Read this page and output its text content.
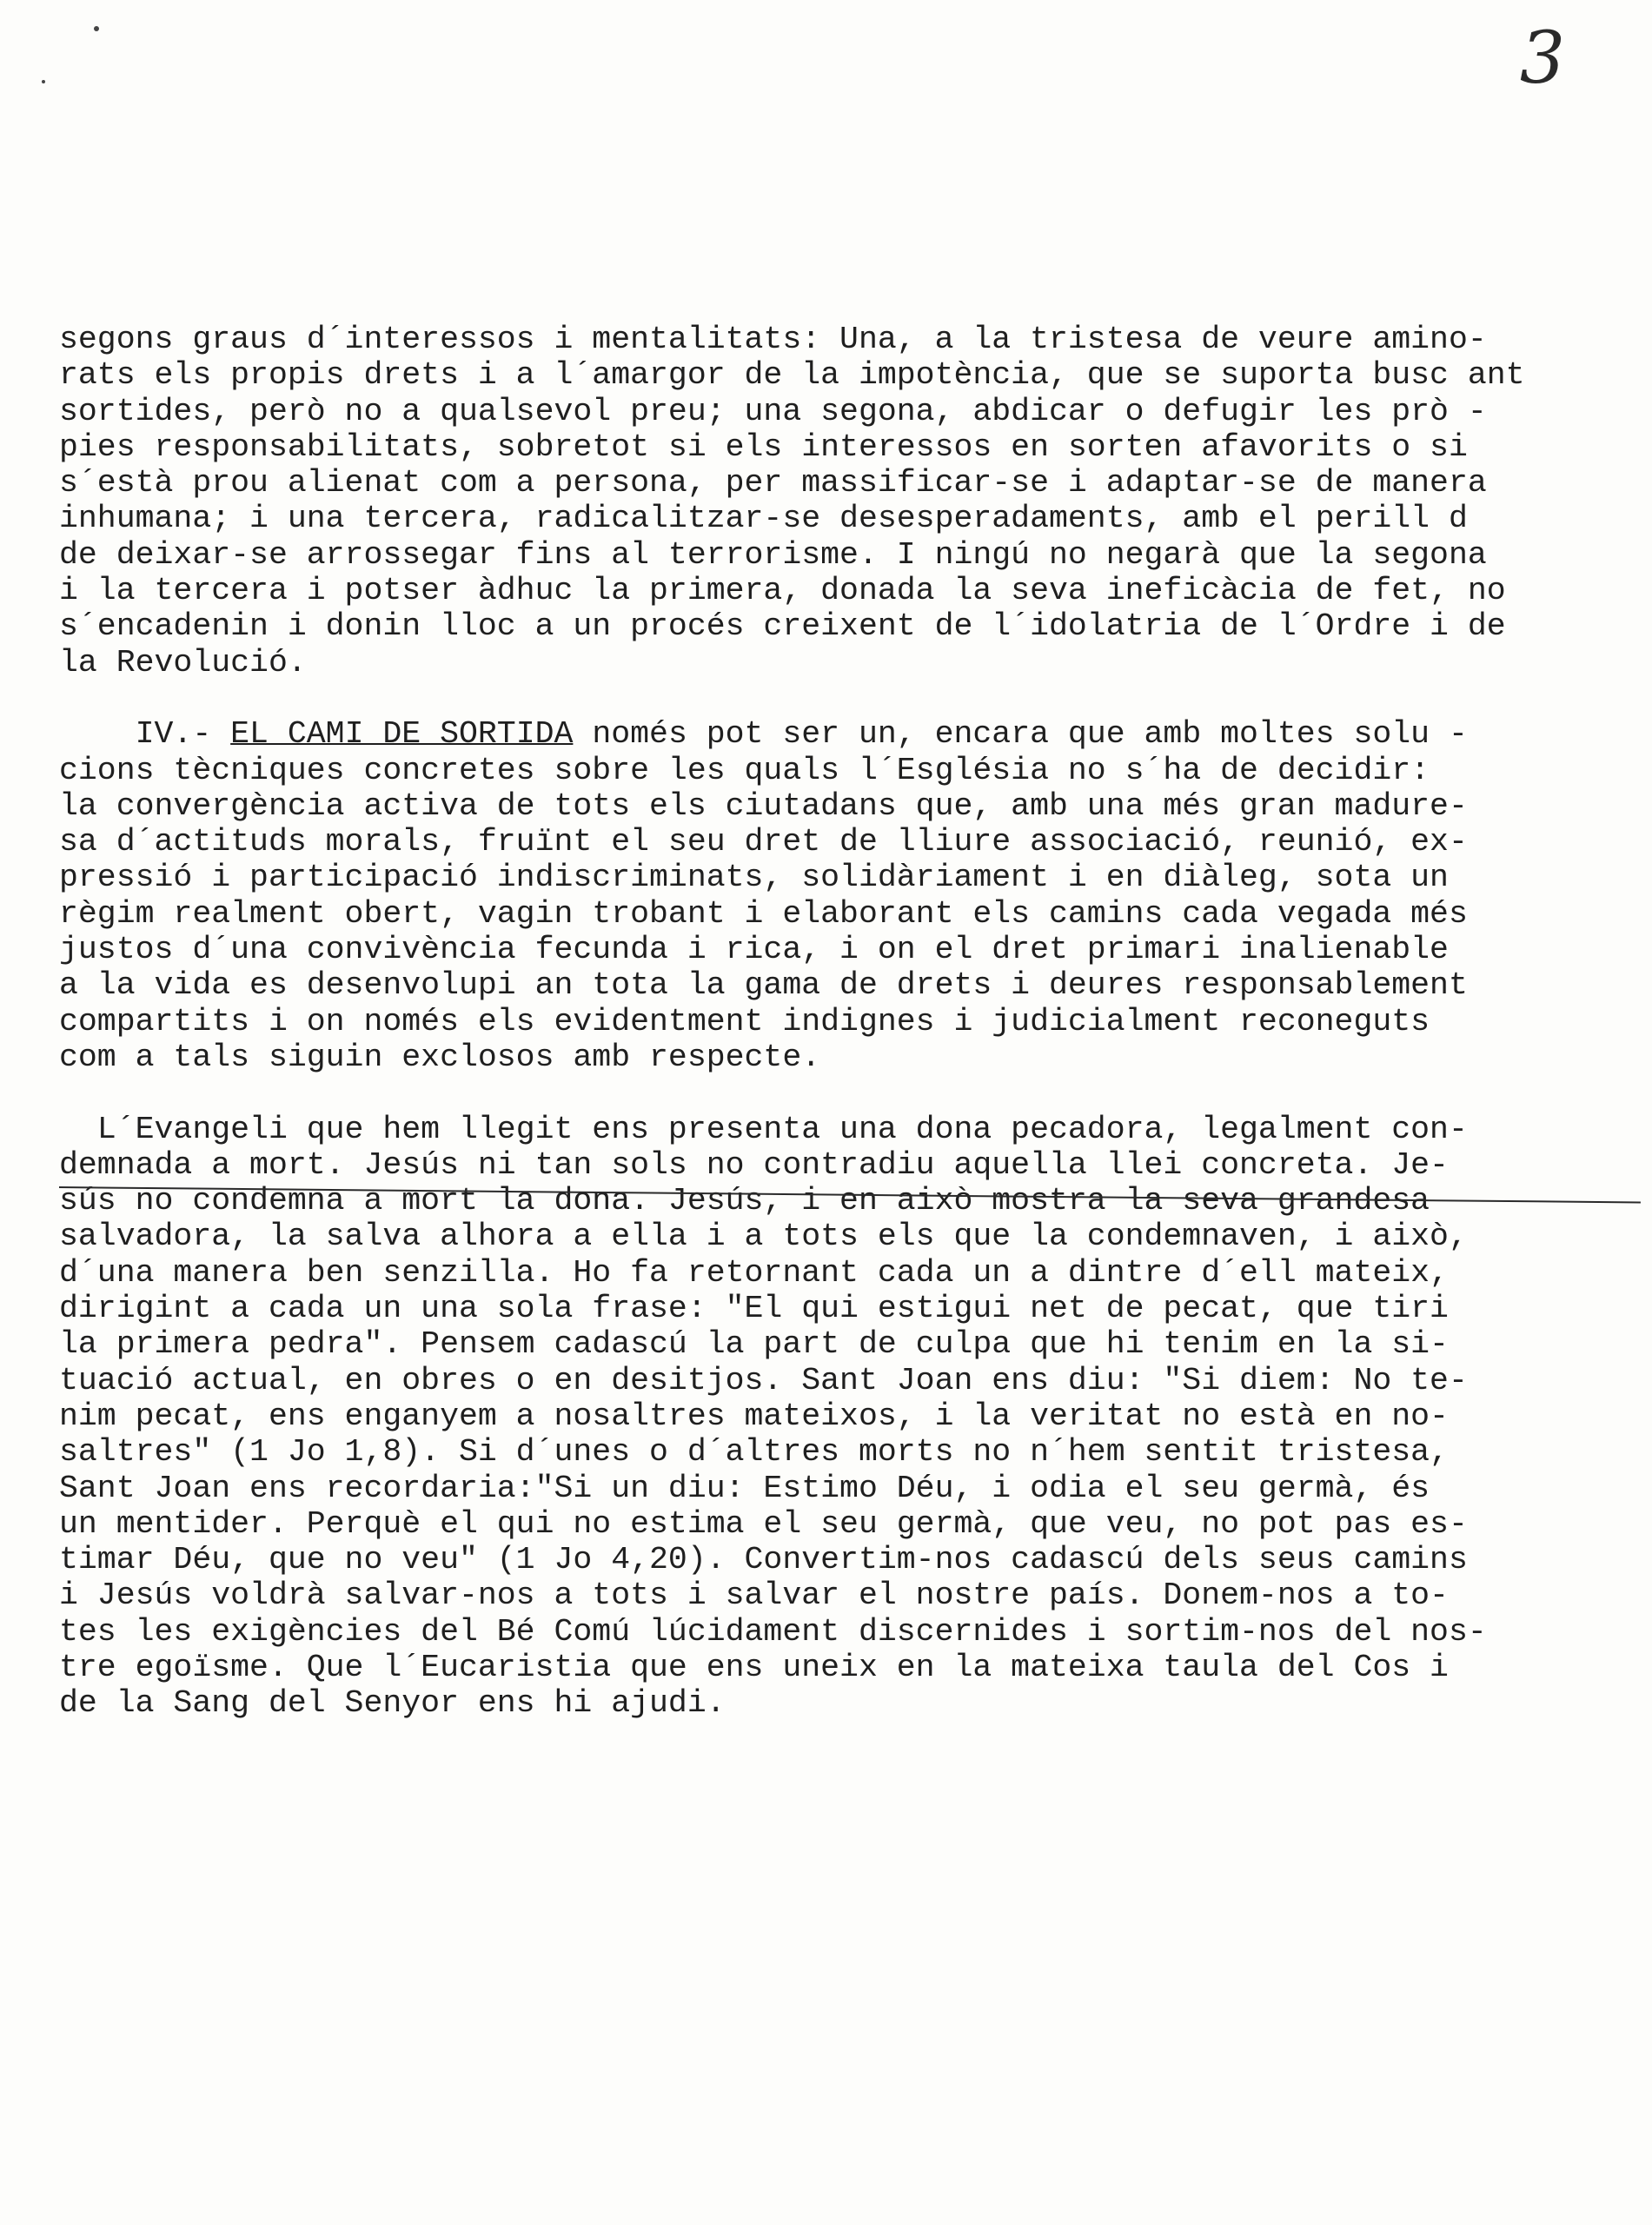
3
segons graus d´interessos i mentalitats: Una, a la tristesa de veure amino-
rats els propis drets i a l´amargor de la impotència, que se suporta busc ant
sortides, però no a qualsevol preu; una segona, abdicar o defugir les prò -
pies responsabilitats, sobretot si els interessos en sorten afavorits o si
s´està prou alienat com a persona, per massificar-se i adaptar-se de manera
inhumana; i una tercera, radicalitzar-se desesperadaments, amb el perill d
de deixar-se arrossegar fins al terrorisme. I ningú no negarà que la segona
i la tercera i potser àdhuc la primera, donada la seva ineficàcia de fet, no
s´encadenin i donin lloc a un procés creixent de l´idolatria de l´Ordre i de
la Revolució.
IV.- EL CAMI DE SORTIDA només pot ser un, encara que amb moltes solu -
cions tècniques concretes sobre les quals l´Església no s´ha de decidir:
la convergència activa de tots els ciutadans que, amb una més gran madure-
sa d´actituds morals, fruïnt el seu dret de lliure associació, reunió, ex-
pressió i participació indiscriminats, solidàriament i en diàleg, sota un
règim realment obert, vagin trobant i elaborant els camins cada vegada més
justos d´una convivència fecunda i rica, i on el dret primari inalienable
a la vida es desenvolupi an tota la gama de drets i deures responsablement
compartits i on només els evidentment indignes i judicialment reconeguts
com a tals siguin exclosos amb respecte.
L´Evangeli que hem llegit ens presenta una dona pecadora, legalment con-
demnada a mort. Jesús ni tan sols no contradiu aquella llei concreta. Je-
sús no condemna a mort la dona. Jesús, i en això mostra la seva grandesa
salvadora, la salva alhora a ella i a tots els que la condemnaven, i això,
d´una manera ben senzilla. Ho fa retornant cada un a dintre d´ell mateix,
dirigint a cada un una sola frase: "El qui estigui net de pecat, que tiri
la primera pedra". Pensem cadascú la part de culpa que hi tenim en la si-
tuació actual, en obres o en desitjos. Sant Joan ens diu: "Si diem: No te-
nim pecat, ens enganyem a nosaltres mateixos, i la veritat no està en no-
saltres" (1 Jo 1,8). Si d´unes o d´altres morts no n´hem sentit tristesa,
Sant Joan ens recordaria:"Si un diu: Estimo Déu, i odia el seu germà, és
un mentider. Perquè el qui no estima el seu germà, que veu, no pot pas es-
timar Déu, que no veu" (1 Jo 4,20). Convertim-nos cadascú dels seus camins
i Jesús voldrà salvar-nos a tots i salvar el nostre país. Donem-nos a to-
tes les exigències del Bé Comú lúcidament discernides i sortim-nos del nos-
tre egoïsme. Que l´Eucaristia que ens uneix en la mateixa taula del Cos i
de la Sang del Senyor ens hi ajudi.
